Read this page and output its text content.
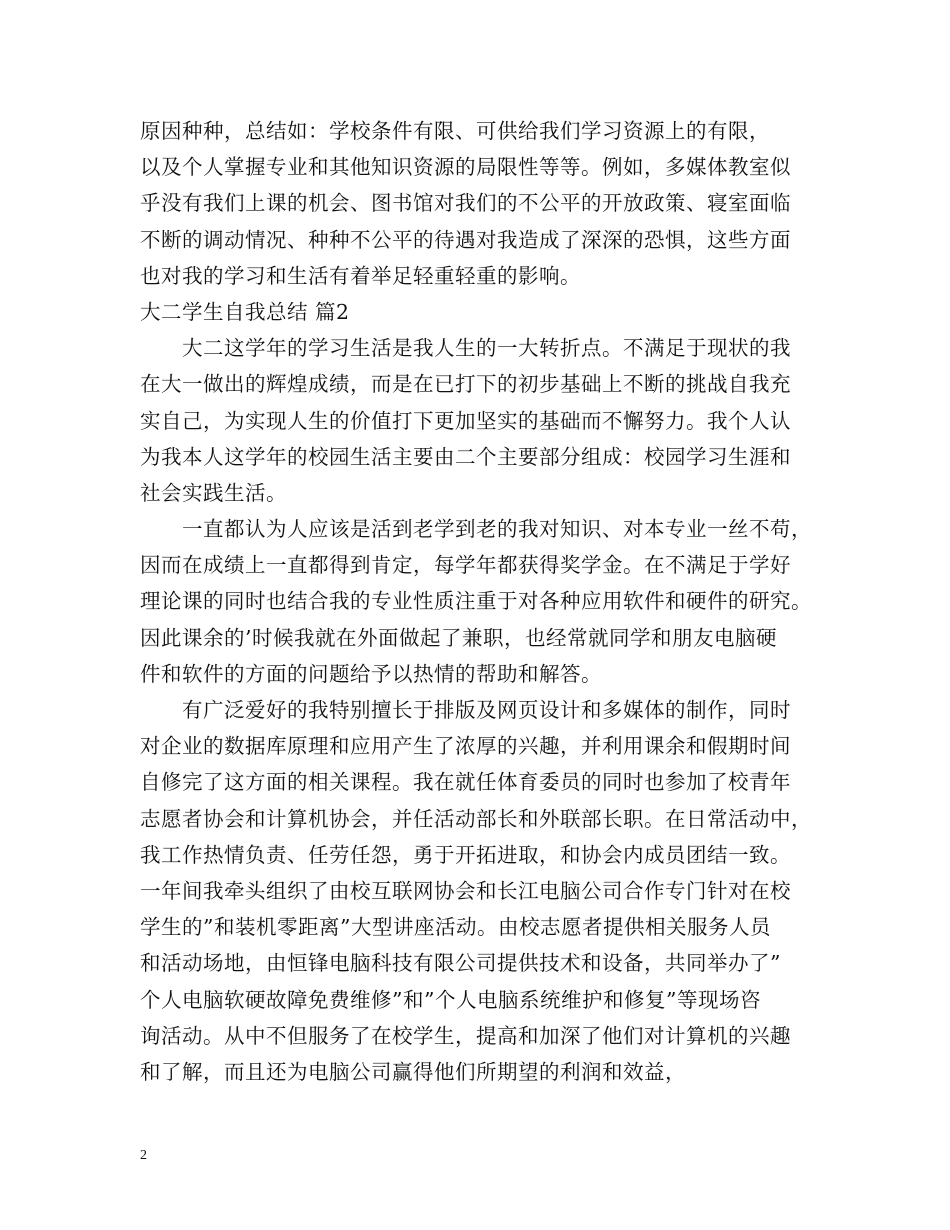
原因种种，总结如：学校条件有限、可供给我们学习资源上的有限，
以及个人掌握专业和其他知识资源的局限性等等。例如，多媒体教室似
乎没有我们上课的机会、图书馆对我们的不公平的开放政策、寝室面临
不断的调动情况、种种不公平的待遇对我造成了深深的恐惧，这些方面
也对我的学习和生活有着举足轻重轻重的影响。
大二学生自我总结 篇2
　　大二这学年的学习生活是我人生的一大转折点。不满足于现状的我
在大一做出的辉煌成绩，而是在已打下的初步基础上不断的挑战自我充
实自己，为实现人生的价值打下更加坚实的基础而不懈努力。我个人认
为我本人这学年的校园生活主要由二个主要部分组成：校园学习生涯和
社会实践生活。
　　一直都认为人应该是活到老学到老的我对知识、对本专业一丝不苟，
因而在成绩上一直都得到肯定，每学年都获得奖学金。在不满足于学好
理论课的同时也结合我的专业性质注重于对各种应用软件和硬件的研究。
因此课余的’时候我就在外面做起了兼职，也经常就同学和朋友电脑硬
件和软件的方面的问题给予以热情的帮助和解答。
　　有广泛爱好的我特别擅长于排版及网页设计和多媒体的制作，同时
对企业的数据库原理和应用产生了浓厚的兴趣，并利用课余和假期时间
自修完了这方面的相关课程。我在就任体育委员的同时也参加了校青年
志愿者协会和计算机协会，并任活动部长和外联部长职。在日常活动中，
我工作热情负责、任劳任怨，勇于开拓进取，和协会内成员团结一致。
一年间我牵头组织了由校互联网协会和长江电脑公司合作专门针对在校
学生的”和装机零距离”大型讲座活动。由校志愿者提供相关服务人员
和活动场地，由恒锋电脑科技有限公司提供技术和设备，共同举办了”
个人电脑软硬故障免费维修”和”个人电脑系统维护和修复”等现场咨
询活动。从中不但服务了在校学生，提高和加深了他们对计算机的兴趣
和了解，而且还为电脑公司赢得他们所期望的利润和效益，
2
